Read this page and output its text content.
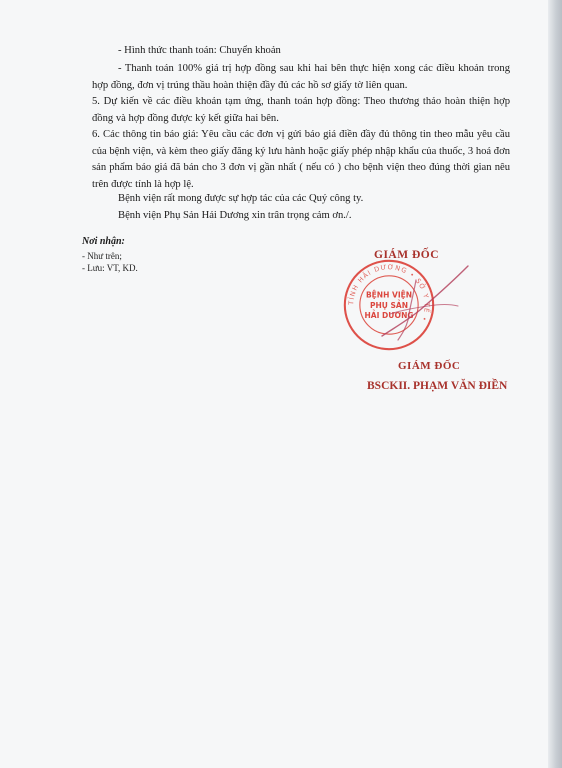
- Hình thức thanh toán: Chuyển khoản

- Thanh toán 100% giá trị hợp đồng sau khi hai bên thực hiện xong các điều khoản trong hợp đồng, đơn vị trúng thầu hoàn thiện đầy đủ các hồ sơ giấy tờ liên quan.

5. Dự kiến về các điều khoản tạm ứng, thanh toán hợp đồng: Theo thương thảo hoàn thiện hợp đồng và hợp đồng được ký kết giữa hai bên.

6. Các thông tin báo giá: Yêu cầu các đơn vị gửi báo giá điền đầy đủ thông tin theo mẫu yêu cầu của bệnh viện, và kèm theo giấy đăng ký lưu hành hoặc giấy phép nhập khẩu của thuốc, 3 hoá đơn sản phẩm báo giá đã bán cho 3 đơn vị gần nhất ( nếu có ) cho bệnh viện theo đúng thời gian nêu trên được tính là hợp lệ.

Bệnh viện rất mong được sự hợp tác của các Quý công ty.

Bệnh viện Phụ Sản Hải Dương xin trân trọng cảm ơn./.

Nơi nhận:
- Như trên;
- Lưu: VT, KD.
GIÁM ĐỐC
TỈNH HẢI DƯƠNG • SỞ Y TẾ •
BỆNH VIỆN
PHỤ SẢN
HẢI DƯƠNG
GIÁM ĐỐC
BSCKII. PHẠM VĂN ĐIỀN
